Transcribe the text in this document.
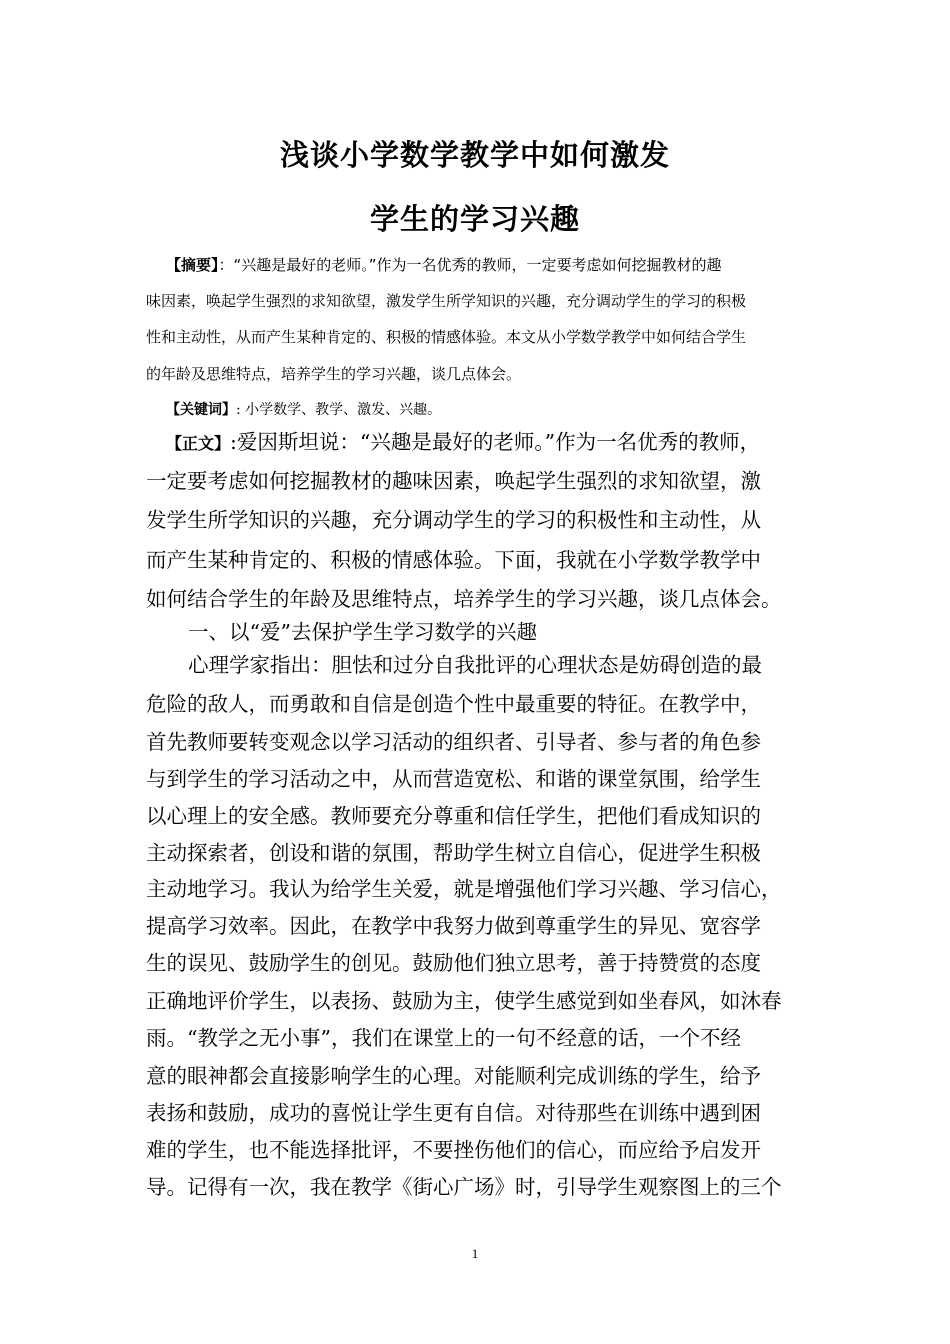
浅谈小学数学教学中如何激发
学生的学习兴趣
【摘要】：“兴趣是最好的老师。”作为一名优秀的教师，一定要考虑如何挖掘教材的趣
味因素，唤起学生强烈的求知欲望，激发学生所学知识的兴趣，充分调动学生的学习的积极
性和主动性，从而产生某种肯定的、积极的情感体验。本文从小学数学教学中如何结合学生
的年龄及思维特点，培养学生的学习兴趣，谈几点体会。
【关键词】: 小学数学、教学、激发、兴趣。
【正文】:爱因斯坦说：“兴趣是最好的老师。”作为一名优秀的教师，
一定要考虑如何挖掘教材的趣味因素，唤起学生强烈的求知欲望，激
发学生所学知识的兴趣，充分调动学生的学习的积极性和主动性，从
而产生某种肯定的、积极的情感体验。下面，我就在小学数学教学中
如何结合学生的年龄及思维特点，培养学生的学习兴趣，谈几点体会。
一、以“爱”去保护学生学习数学的兴趣
心理学家指出：胆怯和过分自我批评的心理状态是妨碍创造的最
危险的敌人，而勇敢和自信是创造个性中最重要的特征。在教学中，
首先教师要转变观念以学习活动的组织者、引导者、参与者的角色参
与到学生的学习活动之中，从而营造宽松、和谐的课堂氛围，给学生
以心理上的安全感。教师要充分尊重和信任学生，把他们看成知识的
主动探索者，创设和谐的氛围，帮助学生树立自信心，促进学生积极
主动地学习。我认为给学生关爱，就是增强他们学习兴趣、学习信心，
提高学习效率。因此，在教学中我努力做到尊重学生的异见、宽容学
生的误见、鼓励学生的创见。鼓励他们独立思考，善于持赞赏的态度
正确地评价学生，以表扬、鼓励为主，使学生感觉到如坐春风，如沐春
雨。“教学之无小事”，我们在课堂上的一句不经意的话，一个不经
意的眼神都会直接影响学生的心理。对能顺利完成训练的学生，给予
表扬和鼓励，成功的喜悦让学生更有自信。对待那些在训练中遇到困
难的学生，也不能选择批评，不要挫伤他们的信心，而应给予启发开
导。记得有一次，我在教学《街心广场》时，引导学生观察图上的三个
1
